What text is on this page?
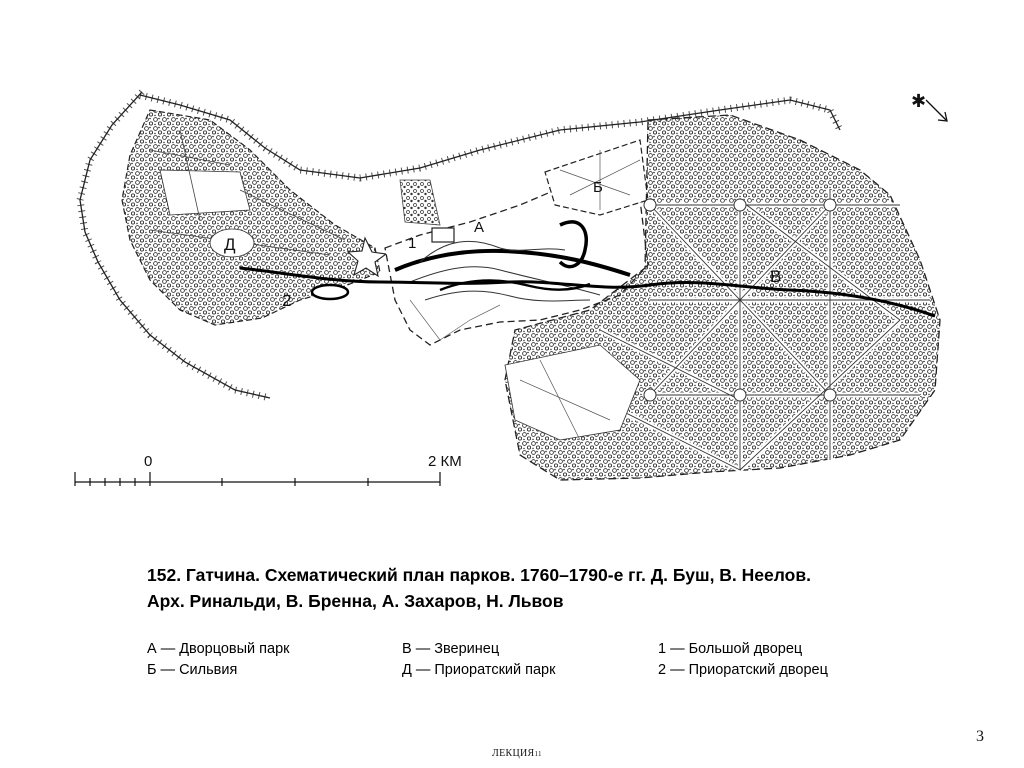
А
Б
В
Д	1
2
✱
0	2 КМ
152. Гатчина. Схематический план парков. 1760–1790-е гг. Д. Буш, В. Неелов.
Арх. Ринальди, В. Бренна, А. Захаров, Н. Львов
А — Дворцовый парк
Б — Сильвия
В — Зверинец
Д — Приоратский парк
1 — Большой дворец
2 — Приоратский дворец
3
ЛЕКЦИЯ11
